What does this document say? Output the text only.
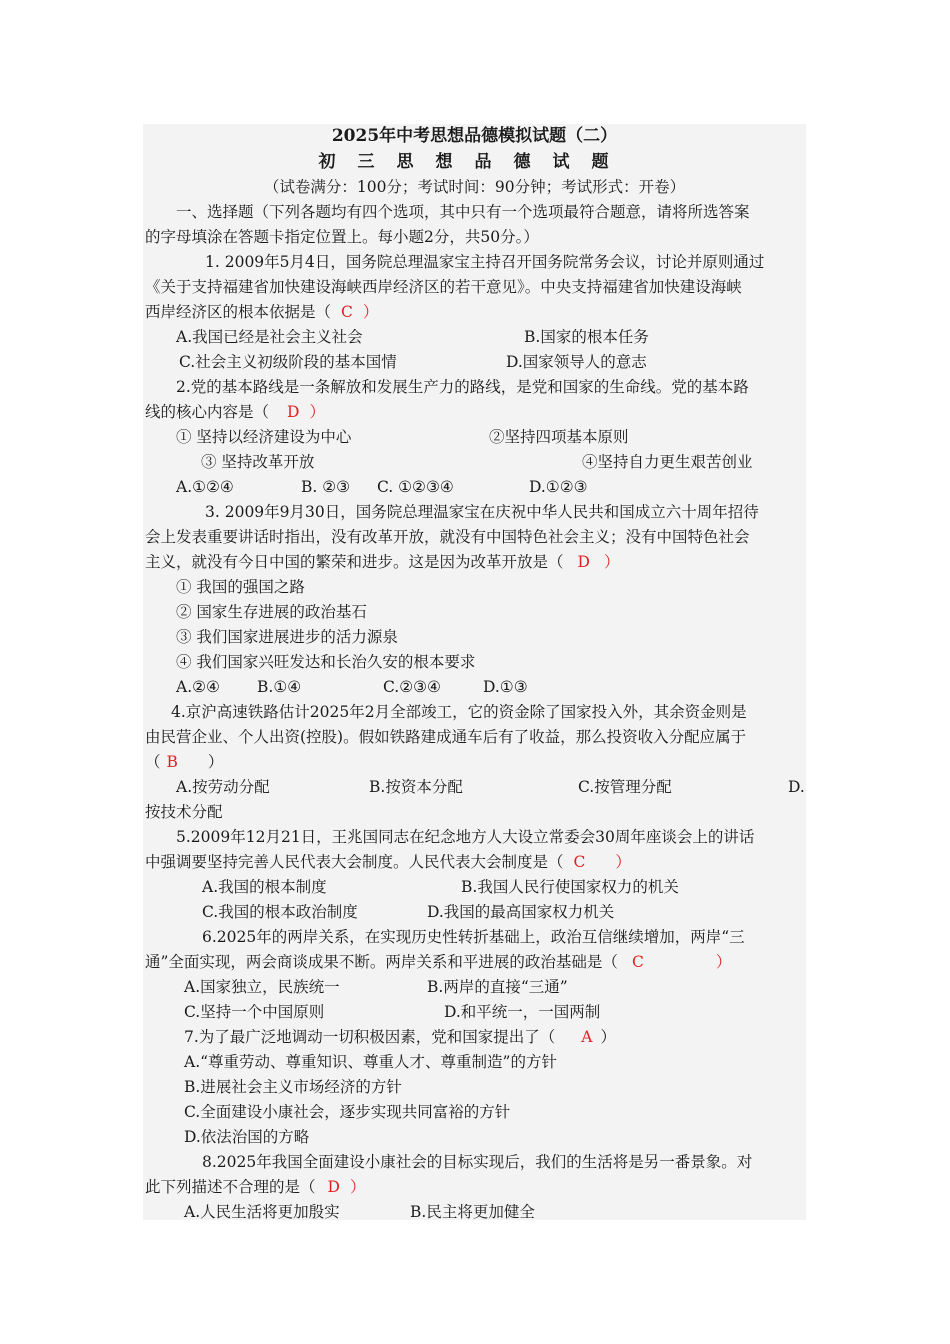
2025年中考思想品德模拟试题（二）
初三思想品德试题
（试卷满分：100分；考试时间：90分钟；考试形式：开卷）
一、选择题（下列各题均有四个选项，其中只有一个选项最符合题意，请将所选答案
的字母填涂在答题卡指定位置上。每小题2分，共50分。）
1. 2009年5月4日，国务院总理温家宝主持召开国务院常务会议，讨论并原则通过
《关于支持福建省加快建设海峡西岸经济区的若干意见》。中央支持福建省加快建设海峡
西岸经济区的根本依据是（ C ）
A.我国已经是社会主义社会	B.国家的根本任务
C.社会主义初级阶段的基本国情	D.国家领导人的意志
2.党的基本路线是一条解放和发展生产力的路线，是党和国家的生命线。党的基本路
线的核心内容是（ D ）
① 坚持以经济建设为中心	②坚持四项基本原则
③ 坚持改革开放	④坚持自力更生艰苦创业
A.①②④	B. ②③ C. ①②③④	D.①②③
3. 2009年9月30日，国务院总理温家宝在庆祝中华人民共和国成立六十周年招待
会上发表重要讲话时指出，没有改革开放，就没有中国特色社会主义；没有中国特色社会
主义，就没有今日中国的繁荣和进步。这是因为改革开放是（ D ）
① 我国的强国之路
② 国家生存进展的政治基石
③ 我们国家进展进步的活力源泉
④ 我们国家兴旺发达和长治久安的根本要求
A.②④ B.①④	C.②③④	D.①③
4.京沪高速铁路估计2025年2月全部竣工，它的资金除了国家投入外，其余资金则是
由民营企业、个人出资(控股)。假如铁路建成通车后有了收益，那么投资收入分配应属于
（ B ）
A.按劳动分配	B.按资本分配	C.按管理分配	D.
按技术分配
5.2009年12月21日，王兆国同志在纪念地方人大设立常委会30周年座谈会上的讲话
中强调要坚持完善人民代表大会制度。人民代表大会制度是（ C ）
A.我国的根本制度	B.我国人民行使国家权力的机关
C.我国的根本政治制度	D.我国的最高国家权力机关
6.2025年的两岸关系，在实现历史性转折基础上，政治互信继续增加，两岸“三
通”全面实现，两会商谈成果不断。两岸关系和平进展的政治基础是（ C	）
A.国家独立，民族统一	B.两岸的直接“三通”
C.坚持一个中国原则	D.和平统一，一国两制
7.为了最广泛地调动一切积极因素，党和国家提出了（ A ）
A.“尊重劳动、尊重知识、尊重人才、尊重制造”的方针
B.进展社会主义市场经济的方针
C.全面建设小康社会，逐步实现共同富裕的方针
D.依法治国的方略
8.2025年我国全面建设小康社会的目标实现后，我们的生活将是另一番景象。对
此下列描述不合理的是（ D ）
A.人民生活将更加殷实	B.民主将更加健全
